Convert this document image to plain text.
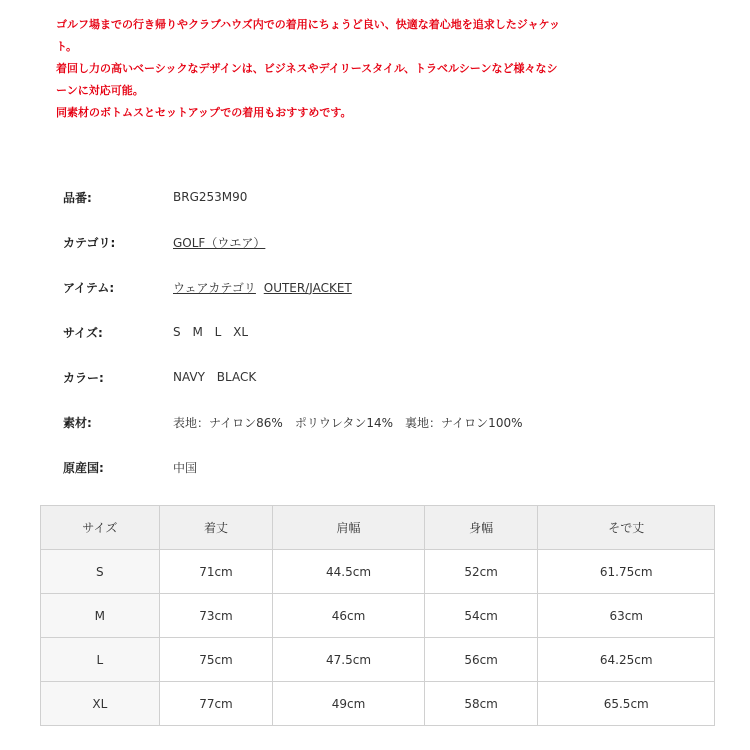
ゴルフ場までの行き帰りやクラブハウズ内での着用にちょうど良い、快適な着心地を追求したジャケッ

ト。

着回し力の高いベーシックなデザインは、ビジネスやデイリースタイル、トラベルシーンなど様々なシ

ーンに対応可能。

同素材のボトムスとセットアップでの着用もおすすめです。

品番:	BRG253M90
カテゴリ:	GOLF（ウエア）
アイテム:	ウェアカテゴリ OUTER/JACKET
サイズ:	S M L XL
カラー:	NAVY BLACK
素材:	表地：ナイロン86%　ポリウレタン14%　裏地：ナイロン100%
原産国:	中国
サイズ	着丈	肩幅	身幅	そで丈
S	71cm	44.5cm	52cm	61.75cm
M	73cm	46cm	54cm	63cm
L	75cm	47.5cm	56cm	64.25cm
XL	77cm	49cm	58cm	65.5cm
